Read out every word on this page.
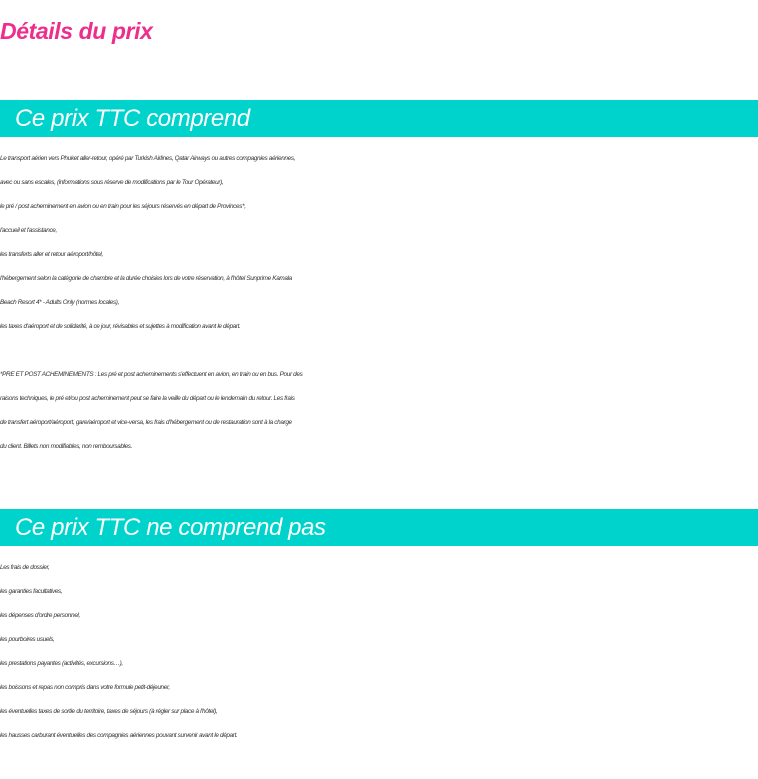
Détails du prix
Ce prix TTC comprend
Le transport aérien vers Phuket aller-retour, opéré par Turkish Airlines, Qatar Airways ou autres compagnies aériennes,
avec ou sans escales, (informations sous réserve de modifications par le Tour Opérateur),
le pré / post acheminement en avion ou en train pour les séjours réservés en départ de Provinces*,
l'accueil et l'assistance,
les transferts aller et retour aéroport/hôtel,
l'hébergement selon la catégorie de chambre et la durée choisies lors de votre réservation, à l'hôtel Sunprime Kamala
Beach Resort 4* - Adults Only (normes locales),
les taxes d'aéroport et de solidarité, à ce jour, révisables et sujettes à modification avant le départ.
*PRE ET POST ACHEMINEMENTS : Les pré et post acheminements s'effectuent en avion, en train ou en bus. Pour des
raisons techniques, le pré et/ou post acheminement peut se faire la veille du départ ou le lendemain du retour. Les frais
de transfert aéroport/aéroport, gare/aéroport et vice-versa, les frais d'hébergement ou de restauration sont à la charge
du client. Billets non modifiables, non remboursables.
Ce prix TTC ne comprend pas
Les frais de dossier,
les garanties facultatives,
les dépenses d'ordre personnel,
les pourboires usuels,
les prestations payantes (activités, excursions…),
les boissons et repas non compris dans votre formule petit-déjeuner,
les éventuelles taxes de sortie du territoire, taxes de séjours (à régler sur place à l'hôtel),
les hausses carburant éventuelles des compagnies aériennes pouvant survenir avant le départ.
